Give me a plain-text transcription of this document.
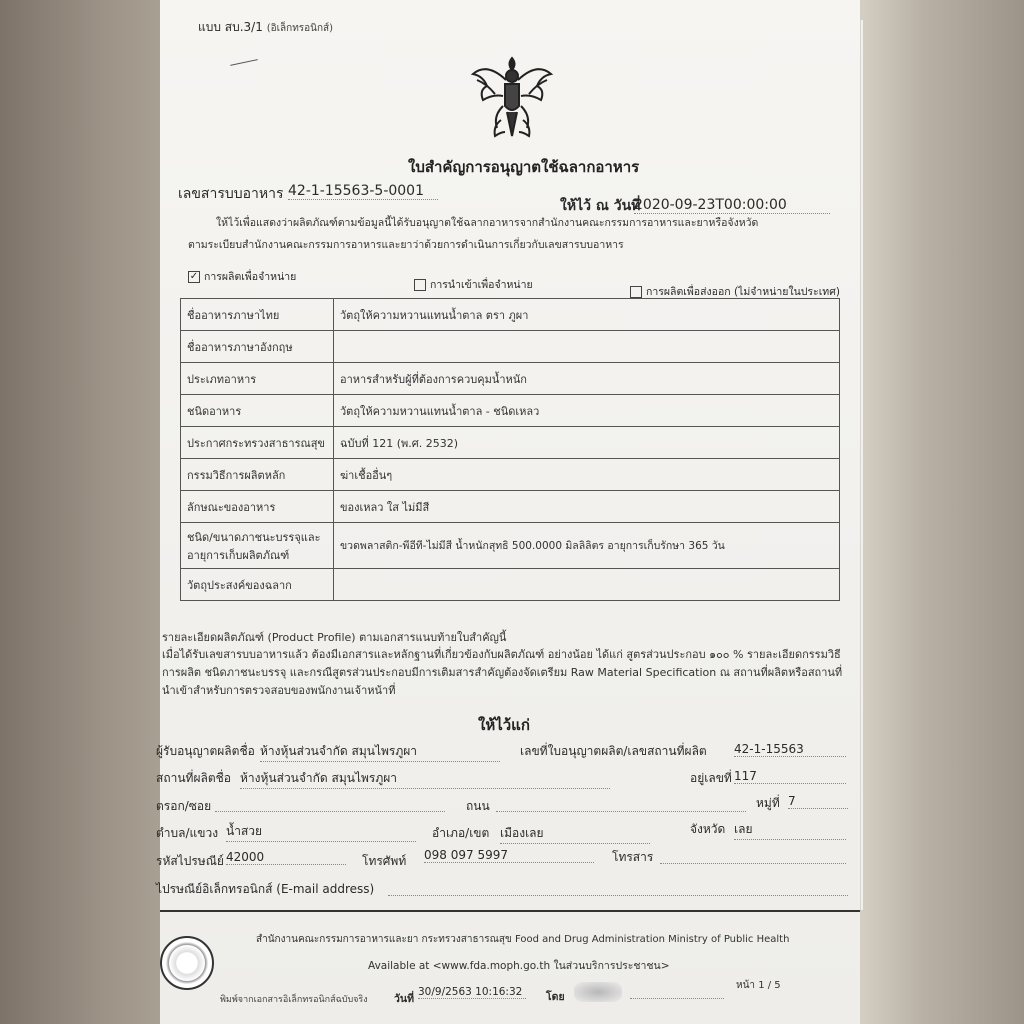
แบบ สบ.3/1 (อิเล็กทรอนิกส์)
ใบสำคัญการอนุญาตใช้ฉลากอาหาร
เลขสารบบอาหาร 42-1-15563-5-0001
ให้ไว้ ณ วันที่
2020-09-23T00:00:00
ให้ไว้เพื่อแสดงว่าผลิตภัณฑ์ตามข้อมูลนี้ได้รับอนุญาตใช้ฉลากอาหารจากสำนักงานคณะกรรมการอาหารและยาหรือจังหวัด
ตามระเบียบสำนักงานคณะกรรมการอาหารและยาว่าด้วยการดำเนินการเกี่ยวกับเลขสารบบอาหาร
✓ การผลิตเพื่อจำหน่าย
การนำเข้าเพื่อจำหน่าย
การผลิตเพื่อส่งออก (ไม่จำหน่ายในประเทศ)
ชื่ออาหารภาษาไทย	วัตถุให้ความหวานแทนน้ำตาล ตรา ภูผา
ชื่ออาหารภาษาอังกฤษ	
ประเภทอาหาร	อาหารสำหรับผู้ที่ต้องการควบคุมน้ำหนัก
ชนิดอาหาร	วัตถุให้ความหวานแทนน้ำตาล - ชนิดเหลว
ประกาศกระทรวงสาธารณสุข	ฉบับที่ 121 (พ.ศ. 2532)
กรรมวิธีการผลิตหลัก	ฆ่าเชื้ออื่นๆ
ลักษณะของอาหาร	ของเหลว ใส ไม่มีสี
ชนิด/ขนาดภาชนะบรรจุและอายุการเก็บผลิตภัณฑ์	ขวดพลาสติก-พีอีที-ไม่มีสี น้ำหนักสุทธิ 500.0000 มิลลิลิตร อายุการเก็บรักษา 365 วัน
วัตถุประสงค์ของฉลาก	
รายละเอียดผลิตภัณฑ์ (Product Profile) ตามเอกสารแนบท้ายใบสำคัญนี้
เมื่อได้รับเลขสารบบอาหารแล้ว ต้องมีเอกสารและหลักฐานที่เกี่ยวข้องกับผลิตภัณฑ์ อย่างน้อย ได้แก่ สูตรส่วนประกอบ ๑๐๐ % รายละเอียดกรรมวิธีการผลิต ชนิดภาชนะบรรจุ และกรณีสูตรส่วนประกอบมีการเติมสารสำคัญต้องจัดเตรียม Raw Material Specification ณ สถานที่ผลิตหรือสถานที่นำเข้าสำหรับการตรวจสอบของพนักงานเจ้าหน้าที่
ให้ไว้แก่
ผู้รับอนุญาตผลิตชื่อ ห้างหุ้นส่วนจำกัด สมุนไพรภูผา	เลขที่ใบอนุญาตผลิต/เลขสถานที่ผลิต 42-1-15563
สถานที่ผลิตชื่อ ห้างหุ้นส่วนจำกัด สมุนไพรภูผา	อยู่เลขที่ 117
ตรอก/ซอย	ถนน	หมู่ที่ 7
ตำบล/แขวง น้ำสวย	อำเภอ/เขต เมืองเลย	จังหวัด เลย
รหัสไปรษณีย์ 42000	โทรศัพท์ 098 097 5997	โทรสาร
ไปรษณีย์อิเล็กทรอนิกส์ (E-mail address)
สำนักงานคณะกรรมการอาหารและยา กระทรวงสาธารณสุข Food and Drug Administration Ministry of Public Health
Available at <www.fda.moph.go.th ในส่วนบริการประชาชน>
พิมพ์จากเอกสารอิเล็กทรอนิกส์ฉบับจริง	วันที่
30/9/2563 10:16:32	โดย
หน้า 1 / 5
